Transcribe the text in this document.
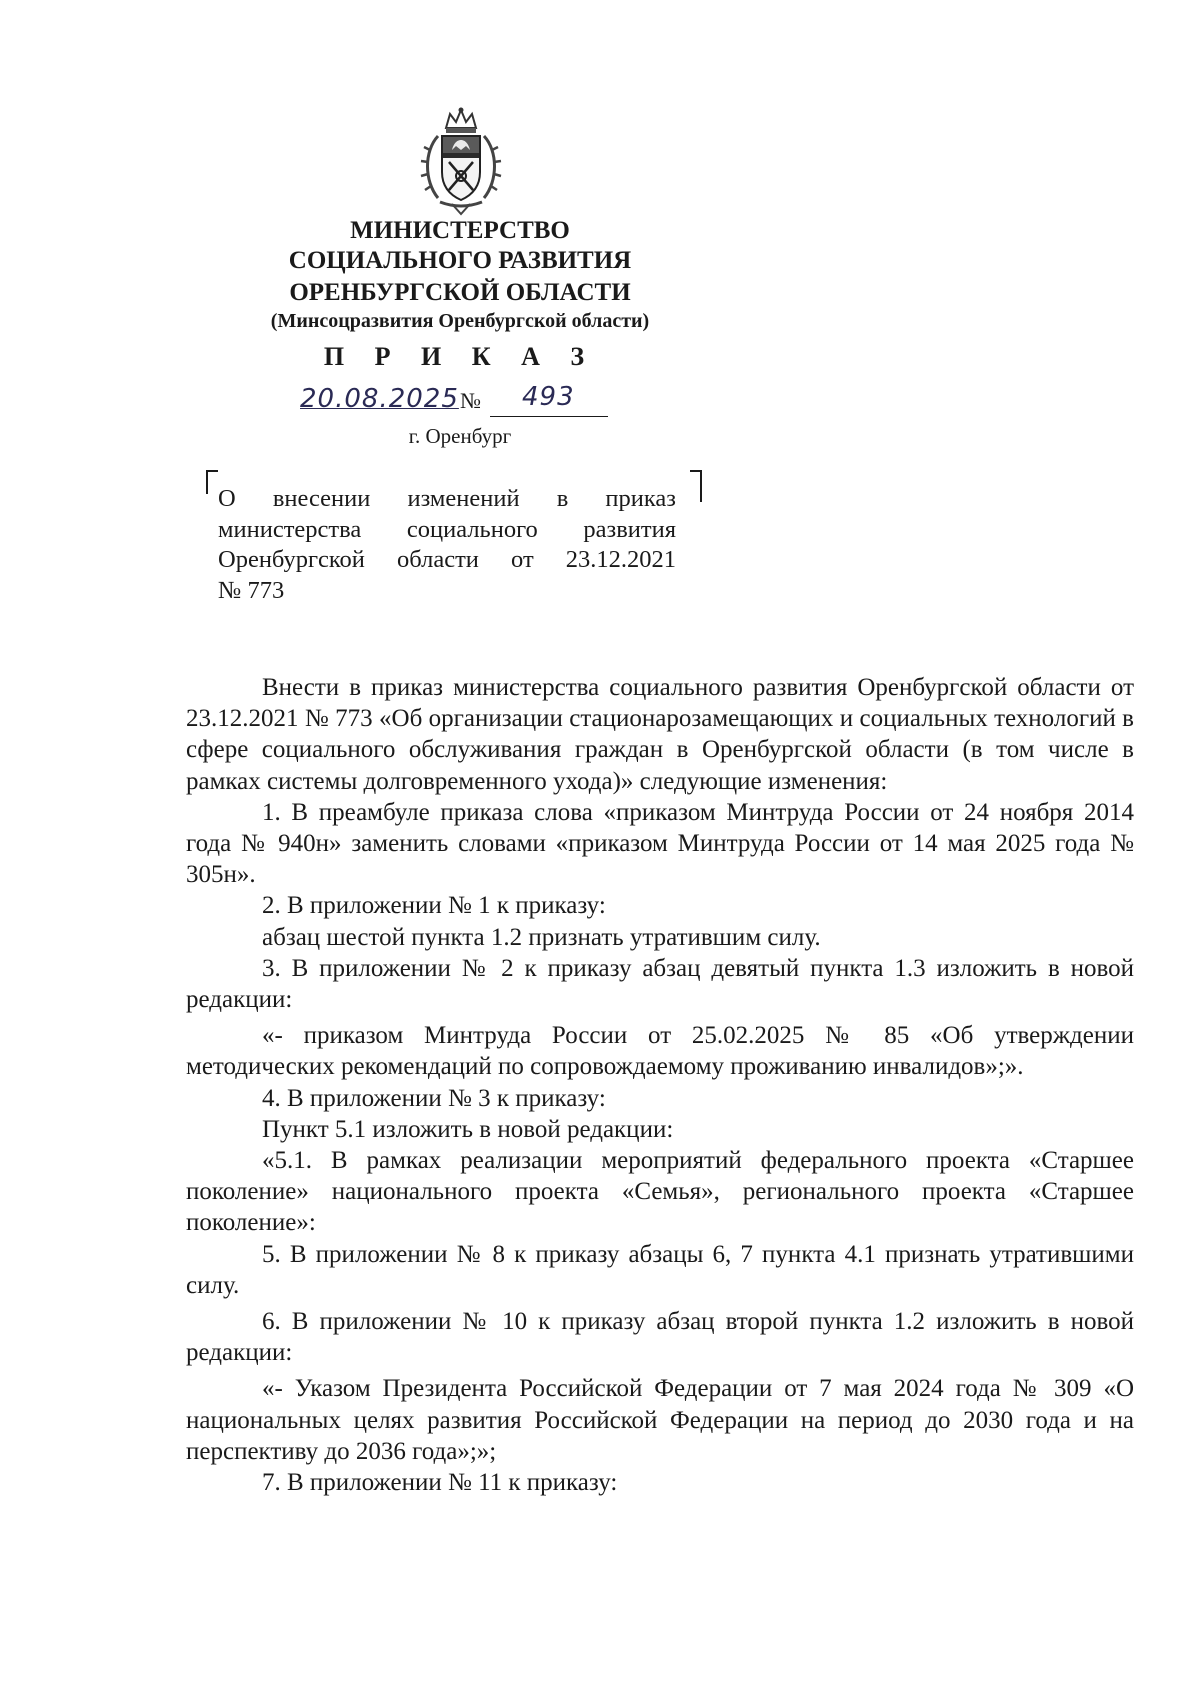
МИНИСТЕРСТВО
СОЦИАЛЬНОГО РАЗВИТИЯ
ОРЕНБУРГСКОЙ ОБЛАСТИ
(Минсоцразвития Оренбургской области)
П Р И К А З
20.08.2025 № 493
г. Оренбург
О внесении изменений в приказ
министерства социального развития
Оренбургской области от 23.12.2021
№ 773

Внести в приказ министерства социального развития Оренбургской области от 23.12.2021 № 773 «Об организации стационарозамещающих и социальных технологий в сфере социального обслуживания граждан в Оренбургской области (в том числе в рамках системы долговременного ухода)» следующие изменения:

1. В преамбуле приказа слова «приказом Минтруда России от 24 ноября 2014 года № 940н» заменить словами «приказом Минтруда России от 14 мая 2025 года № 305н».

2. В приложении № 1 к приказу:

абзац шестой пункта 1.2 признать утратившим силу.

3. В приложении № 2 к приказу абзац девятый пункта 1.3 изложить в новой редакции:

«- приказом Минтруда России от 25.02.2025 № 85 «Об утверждении методических рекомендаций по сопровождаемому проживанию инвалидов»;».

4. В приложении № 3 к приказу:

Пункт 5.1 изложить в новой редакции:

«5.1. В рамках реализации мероприятий федерального проекта «Старшее поколение» национального проекта «Семья», регионального проекта «Старшее поколение»:

5. В приложении № 8 к приказу абзацы 6, 7 пункта 4.1 признать утратившими силу.

6. В приложении № 10 к приказу абзац второй пункта 1.2 изложить в новой редакции:

«- Указом Президента Российской Федерации от 7 мая 2024 года № 309 «О национальных целях развития Российской Федерации на период до 2030 года и на перспективу до 2036 года»;»;

7. В приложении № 11 к приказу:
